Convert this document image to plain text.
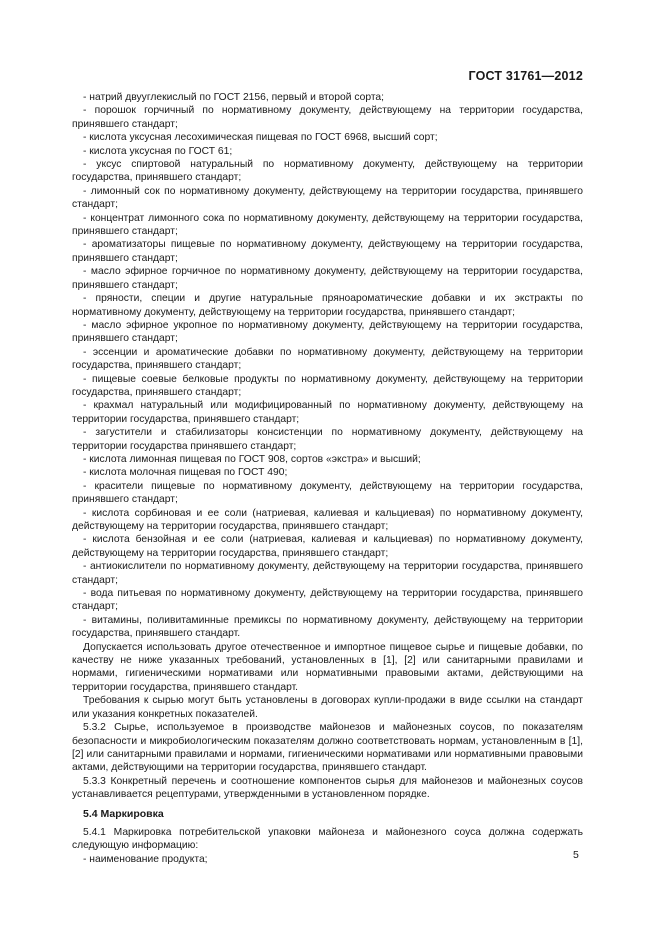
ГОСТ 31761—2012

- натрий двууглекислый по ГОСТ 2156, первый и второй сорта;

- порошок горчичный по нормативному документу, действующему на территории государства, принявшего стандарт;

- кислота уксусная лесохимическая пищевая по ГОСТ 6968, высший сорт;

- кислота уксусная по ГОСТ 61;

- уксус спиртовой натуральный по нормативному документу, действующему на территории государства, принявшего стандарт;

- лимонный сок по нормативному документу, действующему на территории государства, принявшего стандарт;

- концентрат лимонного сока по нормативному документу, действующему на территории государства, принявшего стандарт;

- ароматизаторы пищевые по нормативному документу, действующему на территории государства, принявшего стандарт;

- масло эфирное горчичное по нормативному документу, действующему на территории государства, принявшего стандарт;

- пряности, специи и другие натуральные пряноароматические добавки и их экстракты по нормативному документу, действующему на территории государства, принявшего стандарт;

- масло эфирное укропное по нормативному документу, действующему на территории государства, принявшего стандарт;

- эссенции и ароматические добавки по нормативному документу, действующему на территории государства, принявшего стандарт;

- пищевые соевые белковые продукты по нормативному документу, действующему на территории государства, принявшего стандарт;

- крахмал натуральный или модифицированный по нормативному документу, действующему на территории государства, принявшего стандарт;

- загустители и стабилизаторы консистенции по нормативному документу, действующему на территории государства принявшего стандарт;

- кислота лимонная пищевая по ГОСТ 908, сортов «экстра» и высший;

- кислота молочная пищевая по ГОСТ 490;

- красители пищевые по нормативному документу, действующему на территории государства, принявшего стандарт;

- кислота сорбиновая и ее соли (натриевая, калиевая и кальциевая) по нормативному документу, действующему на территории государства, принявшего стандарт;

- кислота бензойная и ее соли (натриевая, калиевая и кальциевая) по нормативному документу, действующему на территории государства, принявшего стандарт;

- антиокислители по нормативному документу, действующему на территории государства, принявшего стандарт;

- вода питьевая по нормативному документу, действующему на территории государства, принявшего стандарт;

- витамины, поливитаминные премиксы по нормативному документу, действующему на территории государства, принявшего стандарт.

Допускается использовать другое отечественное и импортное пищевое сырье и пищевые добавки, по качеству не ниже указанных требований, установленных в [1], [2] или санитарными правилами и нормами, гигиеническими нормативами или нормативными правовыми актами, действующими на территории государства, принявшего стандарт.

Требования к сырью могут быть установлены в договорах купли-продажи в виде ссылки на стандарт или указания конкретных показателей.

5.3.2 Сырье, используемое в производстве майонезов и майонезных соусов, по показателям безопасности и микробиологическим показателям должно соответствовать нормам, установленным в [1], [2] или санитарными правилами и нормами, гигиеническими нормативами или нормативными правовыми актами, действующими на территории государства, принявшего стандарт.

5.3.3 Конкретный перечень и соотношение компонентов сырья для майонезов и майонезных соусов устанавливается рецептурами, утвержденными в установленном порядке.

5.4 Маркировка

5.4.1 Маркировка потребительской упаковки майонеза и майонезного соуса должна содержать следующую информацию:

- наименование продукта;	5
